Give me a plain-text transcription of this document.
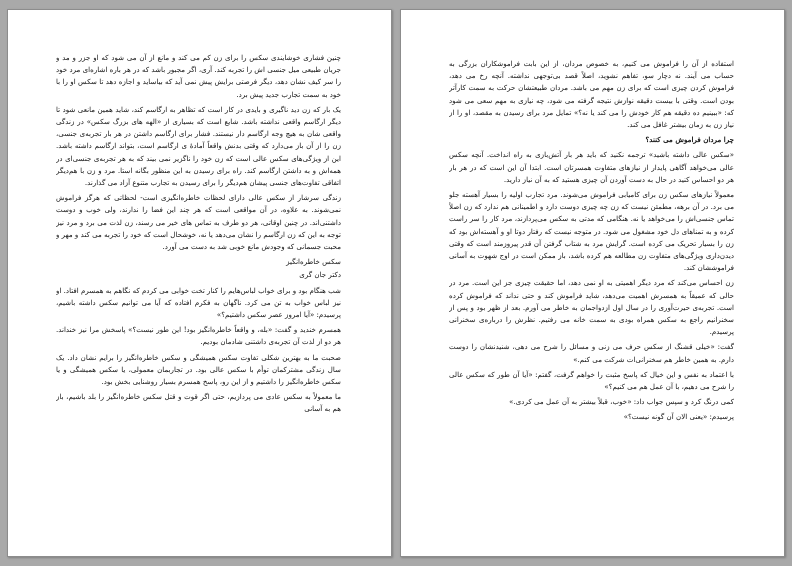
چنین فشاری خوشایندی سکس را برای زن کم می کند و مانع از آن می شود که او جزر و مد و جریان طبیعی میل جنسی اش را تجربه کند. آری، اگر مجبور باشد که در هر باره اشاره‌ای مرد خود را سر کیف نشان دهد، دیگر فرصتی برایش پیش نمی آید که بیاساید و اجازه دهد تا سکس او را با خود به سمت تجارب جدید پیش برد.

یک بار که زن دید ناگیری و بایدی در کار است که تظاهر به ارگاسم کند، شاید همین مانعی شود تا دیگر ارگاسم واقعی نداشته باشد. شایع است که بسیاری از «الهه های بزرگ سکس» در زندگی واقعی شان به هیچ وجه ارگاسم دار نیستند. فشار برای ارگاسم داشتن در هر بار تجربه‌ی جنسی، زن را از آن باز می‌دارد که وقتی بدنش واقعاً آمادهٔ ی ارگاسم است، بتواند ارگاسم داشته باشد. این از ویژگی‌های سکس عالی است که زن خود را ناگزیر نمی بیند که به هر تجربه‌ی جنسی‌ای در همه‌اش و به داشتن ارگاسم کند. راه برای رسیدن به این منظور بگانه استا. مرد و زن با هم‌دیگر اتفاقی تفاوت‌های جنسی پیشان هم‌دیگر را برای رسیدن به تجارب متنوع آزاد می گذارند.

زندگی سرشار از سکس عالی دارای لحظات خاطره‌انگیزی است- لحظاتی که هرگز فراموش نمی‌شوند. به علاوه، در آن مواقعی است که هر چند این فضا را ندارند، ولی خوب و دوست داشتنی‌اند. در چنین اوقاتی، هر دو طرف به تماس های خیر می رسند، زن لذت می برد و مرد نیز توجه به این که زن ارگاسم را نشان می‌دهد یا نه، خوشحال است که خود را تجربه می کند و مهر و محبت جسمانی که وجودش مانع خوبی شد به دست می آورد.

سکس خاطره‌انگیز

دکتر جان گری

شب هنگام بود و برای خواب لباس‌هایم را کنار تخت خوابی می کردم که نگاهم به همسرم افتاد. او نیز لباس خواب به تن می کرد. ناگهان به فکرم افتاده که آیا می توانیم سکس داشته باشیم، پرسیدم: «آیا امروز عصر سکس داشتیم؟»

همسرم خندید و گفت: «بله، و واقعاً خاطره‌انگیز بود! این طور نیست؟» پاسخش مرا نیز خنداند. هر دو از لذت آن تجربه‌ی داشتنی شادمان بودیم.

صحبت ما به بهترین شکلی تفاوت سکس همیشگی و سکس خاطره‌انگیز را برایم نشان داد. یک سال زندگی مشترکمان توأم با سکس عالی بود. در تجاربمان معمولی، یا سکس همیشگی و یا سکس خاطره‌انگیز را داشتیم و از این رو، پاسخ همسرم بسیار روشنایی بخش بود.

ما معمولاً به سکس عادی می پردازیم، حتی اگر قوت و قتل سکس خاطره‌انگیز را بلد باشیم، باز هم به آسانی

استفاده از آن را فراموش می کنیم، به خصوص مردان، از این بابت فراموشکاران بزرگی به حساب می آیند. نه دچار سو، تفاهم نشوید، اصلاً قصد بی‌توجهی نداشته. آنچه رخ می دهد، فراموش کردن چیزی است که برای زن مهم می باشد. مردان طبیعتشان حرکت به سمت کارآتر بودن است. وقتی با بیست دقیقه نوازش نتیجه گرفته می شود، چه نیازی به مهم سعی می شود که: «ببینیم ده دقیقه هم کار خودش را می کند یا نه؟» تمایل مرد برای رسیدن به مقصد، او را از نیاز زن به زمان بیشتر غافل می کند.

چرا مردان فراموش می کنند؟

«سکس عالی داشته باشید» ترجمه نکنید که باید هر بار آتش‌بازی به راه انداخت. آنچه سکس عالی می‌خواهد آگاهی پایدار از نیازهای متفاوت همسرتان است. ابتدا آن این است که در هر بار هر دو احساس کنید در حال به دست آوردن آن چیزی هستید که به آن نیاز دارید.

معمولاً نیازهای سکس زن برای کامیابی فراموش می‌شوند. مرد تجارب اولیه را بسیار آهسته جلو می برد. در آن برهه، مطمئن نیست که زن چه چیزی دوست دارد و اطمینانی هم ندارد که زن اصلاً تماس جنسی‌اش را می‌خواهد یا نه. هنگامی که مدتی به سکس می‌پردازند، مرد کار را سر راست کرده و به تمناهای دل خود مشغول می شود. در متوجه نیست که رفتار دوتا او و آهسته‌اش بود که زن را بسیار تحریک می کرده است. گرایش مرد به شتاب گرفتن آن قدر پیروزمند است که وقتی دیدن‌داری ویژگی‌های متفاوت زن مطالعه هم کرده باشد، باز ممکن است در اوج شهوت به آسانی فراموششان کند.

زن احساس می‌کند که مرد دیگر اهمیتی به او نمی دهد، اما حقیقت چیزی جز این است. مرد در حالی که عمیقاً به همسرش اهمیت می‌دهد، شاید فراموش کند و حتی نداند که فراموش کرده است. تجربه‌ی حیرت‌آوری را در سال اول ازدواجمان به خاطر می آورم. بعد از ظهر بود و پس از سخنرانیم راجع به سکس همراه بودی به سمت خانه می رفتیم. نظرش را درباره‌ی سخنرانی پرسیدم.

گفت: «خیلی قشنگ از سکس حرف می زنی و مسائل را شرح می دهی، شنیدنشان را دوست دارم. به همین خاطر هم سخنرانی‌ات شرکت می کنم.»

با اعتماد به نفس و این خیال که پاسخ مثبت را خواهم گرفت، گفتم: «آیا آن طور که سکس عالی را شرح می دهیم، با آن عمل هم می کنیم؟»

کمی درنگ کرد و سپس جواب داد: «خوب، قبلاً بیشتر به آن عمل می کردی.»

پرسیدم: «یعنی الان آن گونه نیست؟»
